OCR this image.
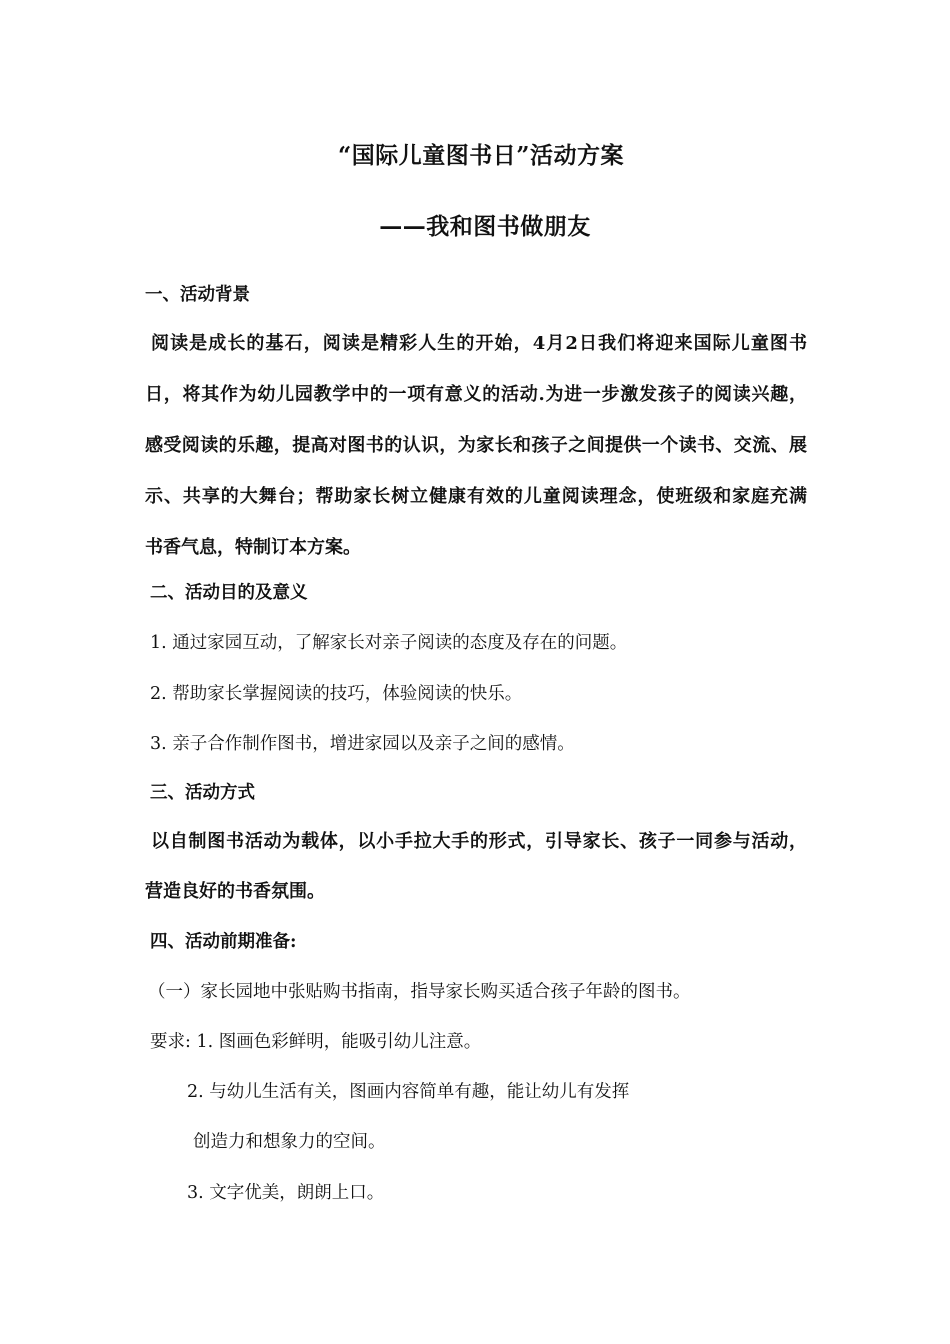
“国际儿童图书日”活动方案
——我和图书做朋友
一、活动背景
阅读是成长的基石，阅读是精彩人生的开始，4月2日我们将迎来国际儿童图书
日，将其作为幼儿园教学中的一项有意义的活动.为进一步激发孩子的阅读兴趣，
感受阅读的乐趣，提高对图书的认识，为家长和孩子之间提供一个读书、交流、展
示、共享的大舞台；帮助家长树立健康有效的儿童阅读理念，使班级和家庭充满
书香气息，特制订本方案。
二、活动目的及意义
1. 通过家园互动，了解家长对亲子阅读的态度及存在的问题。
2. 帮助家长掌握阅读的技巧，体验阅读的快乐。
3. 亲子合作制作图书，增进家园以及亲子之间的感情。
三、活动方式
以自制图书活动为载体，以小手拉大手的形式，引导家长、孩子一同参与活动，
营造良好的书香氛围。
四、活动前期准备:
（一）家长园地中张贴购书指南，指导家长购买适合孩子年龄的图书。
要求: 1. 图画色彩鲜明，能吸引幼儿注意。
2. 与幼儿生活有关，图画内容简单有趣，能让幼儿有发挥
创造力和想象力的空间。
3. 文字优美，朗朗上口。
